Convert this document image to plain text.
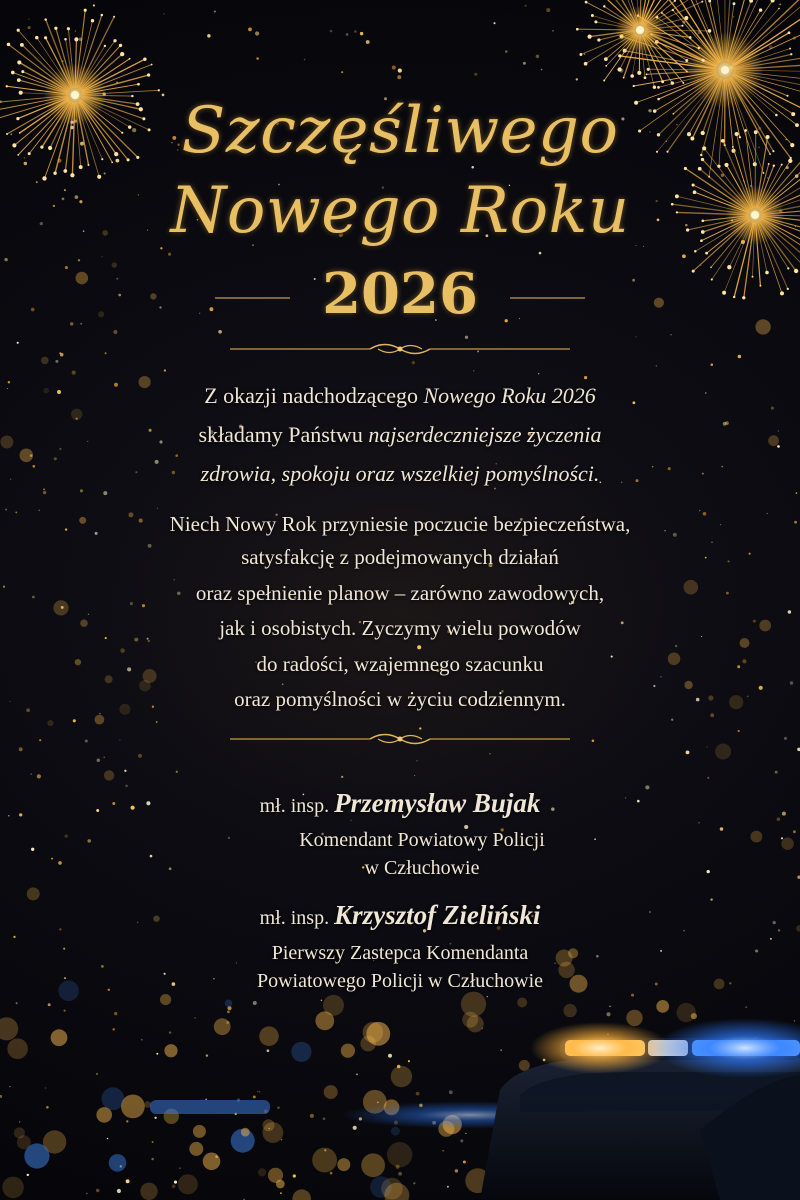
Szczęśliwego
Nowego Roku
2026
Z okazji nadchodzącego Nowego Roku 2026
składamy Państwu najserdeczniejsze życzenia
zdrowia, spokoju oraz wszelkiej pomyślności.
Niech Nowy Rok przyniesie poczucie bezpieczeństwa,
satysfakcję z podejmowanych działań
oraz spełnienie planow – zarówno zawodowych,
jak i osobistych. Zyczymy wielu powodów
do radości, wzajemnego szacunku
oraz pomyślności w życiu codziennym.
mł. insp. Przemysław Bujak
Komendant Powiatowy Policji
w Człuchowie
mł. insp. Krzysztof Zieliński
Pierwszy Zastepca Komendanta
Powiatowego Policji w Człuchowie
